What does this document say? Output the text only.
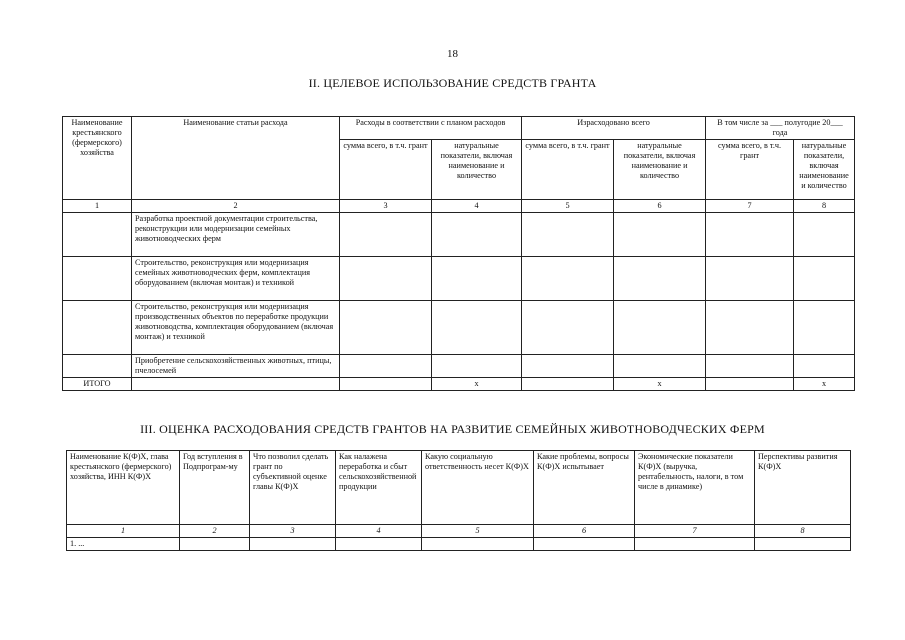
18
II. ЦЕЛЕВОЕ ИСПОЛЬЗОВАНИЕ СРЕДСТВ ГРАНТА
Наименование крестьянского (фермерского) хозяйства	Наименование статьи расхода	Расходы в соответствии с планом расходов		Израсходовано всего		В том числе за ___ полугодие 20___ года	
		сумма всего, в т.ч. грант	натуральные показатели, включая наименование и количество	сумма всего, в т.ч. грант	натуральные показатели, включая наименование и количество	сумма всего, в т.ч. грант	натуральные показатели, включая наименование и количество
1	2	3	4	5	6	7	8
	Разработка проектной документации строительства, реконструкции или модернизации семейных животноводческих ферм						
	Строительство, реконструкция или модернизация семейных животноводческих ферм, комплектация оборудованием (включая монтаж) и техникой						
	Строительство, реконструкция или модернизация производственных объектов по переработке продукции животноводства, комплектация оборудованием (включая монтаж) и техникой						
	Приобретение сельскохозяйственных животных, птицы, пчелосемей						
ИТОГО			x		x		x
III. ОЦЕНКА РАСХОДОВАНИЯ СРЕДСТВ ГРАНТОВ НА РАЗВИТИЕ СЕМЕЙНЫХ ЖИВОТНОВОДЧЕСКИХ ФЕРМ
Наименование К(Ф)Х, глава крестьянского (фермерского) хозяйства, ИНН К(Ф)Х	Год вступления в Подпрограм-му	Что позволил сделать грант по субъективной оценке главы К(Ф)Х	Как налажена переработка и сбыт сельскохозяйственной продукции	Какую социальную ответственность несет К(Ф)Х	Какие проблемы, вопросы К(Ф)Х испытывает	Экономические показатели К(Ф)Х (выручка, рентабельность, налоги, в том числе в динамике)	Перспективы развития К(Ф)Х
1	2	3	4	5	6	7	8
1. ...							
